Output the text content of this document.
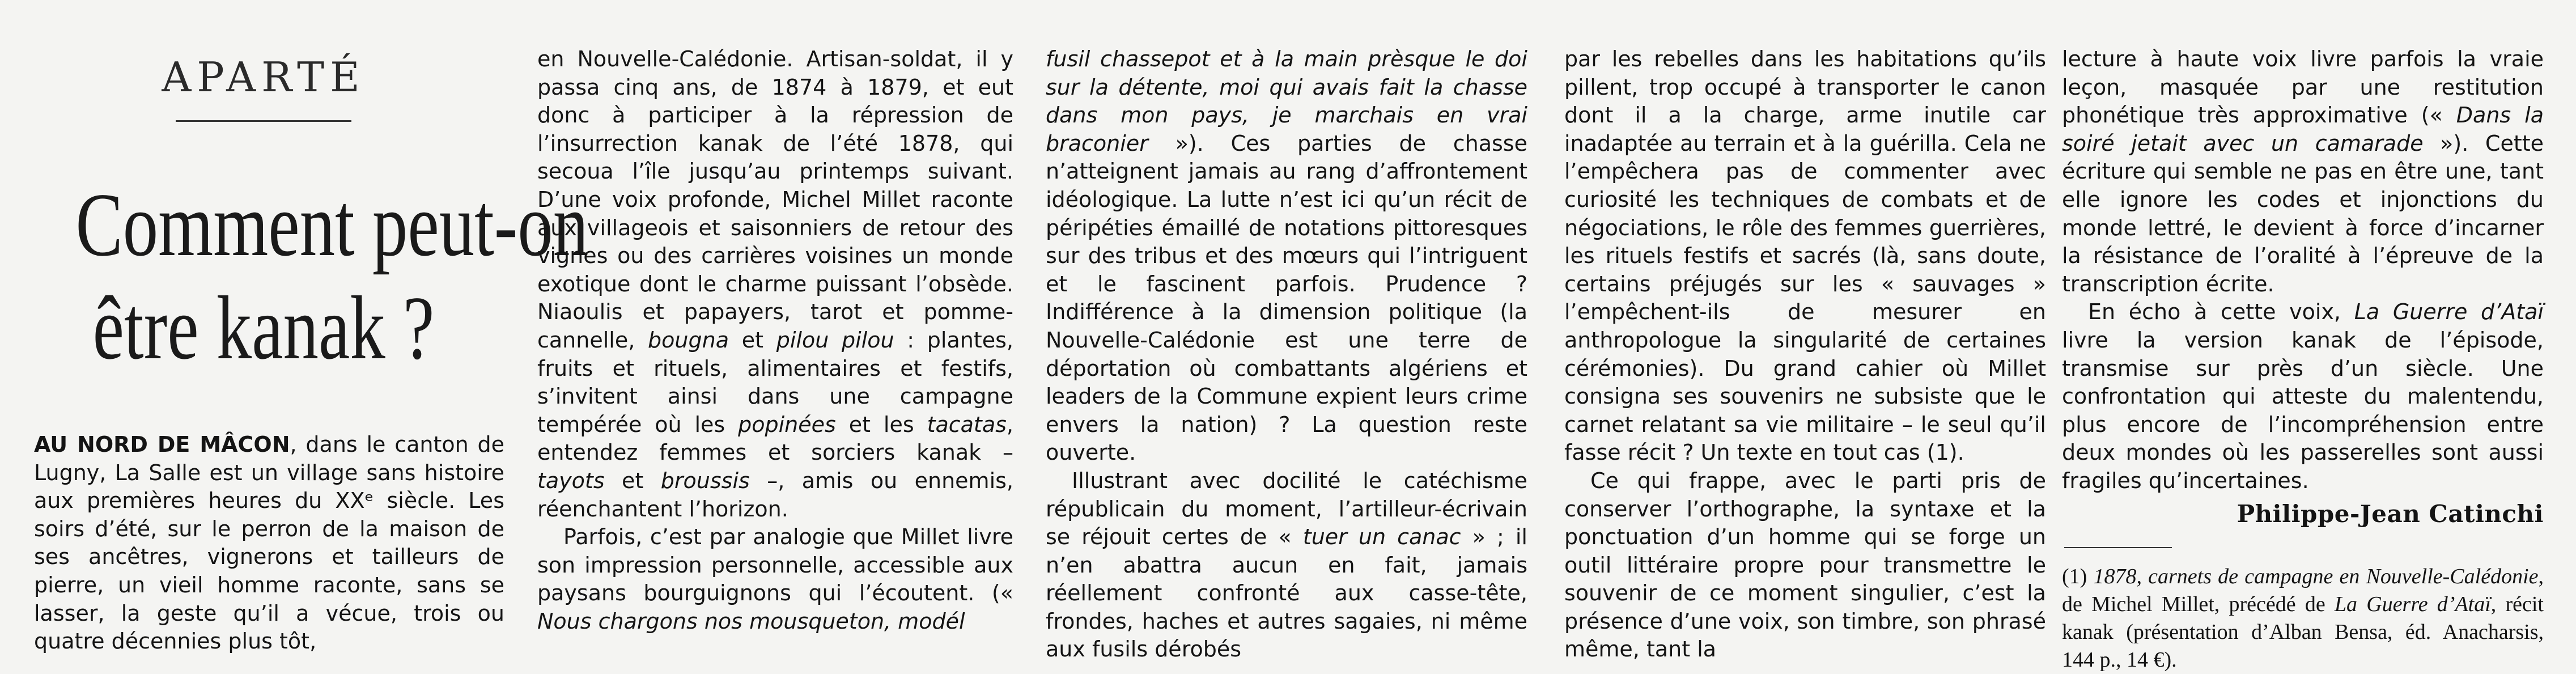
APARTÉ
Comment peut-on
être kanak ?

AU NORD DE MÂCON, dans le canton de Lugny, La Salle est un village sans histoire aux premières heures du XXᵉ siècle. Les soirs d’été, sur le perron de la maison de ses ancêtres, vignerons et tailleurs de pierre, un vieil homme raconte, sans se lasser, la geste qu’il a vécue, trois ou quatre décennies plus tôt,

en Nouvelle-Calédonie. Artisan-soldat, il y passa cinq ans, de 1874 à 1879, et eut donc à participer à la répression de l’insurrection kanak de l’été 1878, qui secoua l’île jusqu’au printemps suivant. D’une voix profonde, Michel Millet raconte aux villageois et saisonniers de retour des vignes ou des carrières voisines un monde exotique dont le charme puissant l’obsède. Niaoulis et papayers, tarot et pomme-cannelle, bougna et pilou pilou : plantes, fruits et rituels, alimentaires et festifs, s’invitent ainsi dans une campagne tempérée où les popinées et les tacatas, entendez femmes et sorciers kanak – tayots et broussis –, amis ou ennemis, réenchantent l’horizon.

Parfois, c’est par analogie que Millet livre son impression personnelle, accessible aux paysans bourguignons qui l’écoutent. (« Nous chargons nos mousqueton, modél

fusil chassepot et à la main prèsque le doi sur la détente, moi qui avais fait la chasse dans mon pays, je marchais en vrai braconier »). Ces parties de chasse n’atteignent jamais au rang d’affrontement idéologique. La lutte n’est ici qu’un récit de péripéties émaillé de notations pittoresques sur des tribus et des mœurs qui l’intriguent et le fascinent parfois. Prudence ? Indifférence à la dimension politique (la Nouvelle-Calédonie est une terre de déportation où combattants algériens et leaders de la Commune expient leurs crime envers la nation) ? La question reste ouverte.

Illustrant avec docilité le catéchisme républicain du moment, l’artilleur-écrivain se réjouit certes de « tuer un canac » ; il n’en abattra aucun en fait, jamais réellement confronté aux casse-tête, frondes, haches et autres sagaies, ni même aux fusils dérobés

par les rebelles dans les habitations qu’ils pillent, trop occupé à transporter le canon dont il a la charge, arme inutile car inadaptée au terrain et à la guérilla. Cela ne l’empêchera pas de commenter avec curiosité les techniques de combats et de négociations, le rôle des femmes guerrières, les rituels festifs et sacrés (là, sans doute, certains préjugés sur les « sauvages » l’empêchent-ils de mesurer en anthropologue la singularité de certaines cérémonies). Du grand cahier où Millet consigna ses souvenirs ne subsiste que le carnet relatant sa vie militaire – le seul qu’il fasse récit ? Un texte en tout cas (1).

Ce qui frappe, avec le parti pris de conserver l’orthographe, la syntaxe et la ponctuation d’un homme qui se forge un outil littéraire propre pour transmettre le souvenir de ce moment singulier, c’est la présence d’une voix, son timbre, son phrasé même, tant la

lecture à haute voix livre parfois la vraie leçon, masquée par une restitution phonétique très approximative (« Dans la soiré jetait avec un camarade »). Cette écriture qui semble ne pas en être une, tant elle ignore les codes et injonctions du monde lettré, le devient à force d’incarner la résistance de l’oralité à l’épreuve de la transcription écrite.

En écho à cette voix, La Guerre d’Ataï livre la version kanak de l’épisode, transmise sur près d’un siècle. Une confrontation qui atteste du malentendu, plus encore de l’incompréhension entre deux mondes où les passerelles sont aussi fragiles qu’incertaines.

Philippe-Jean Catinchi

(1) 1878, carnets de campagne en Nouvelle-Calédonie, de Michel Millet, précédé de La Guerre d’Ataï, récit kanak (présentation d’Alban Bensa, éd. Anacharsis, 144 p., 14 €).
